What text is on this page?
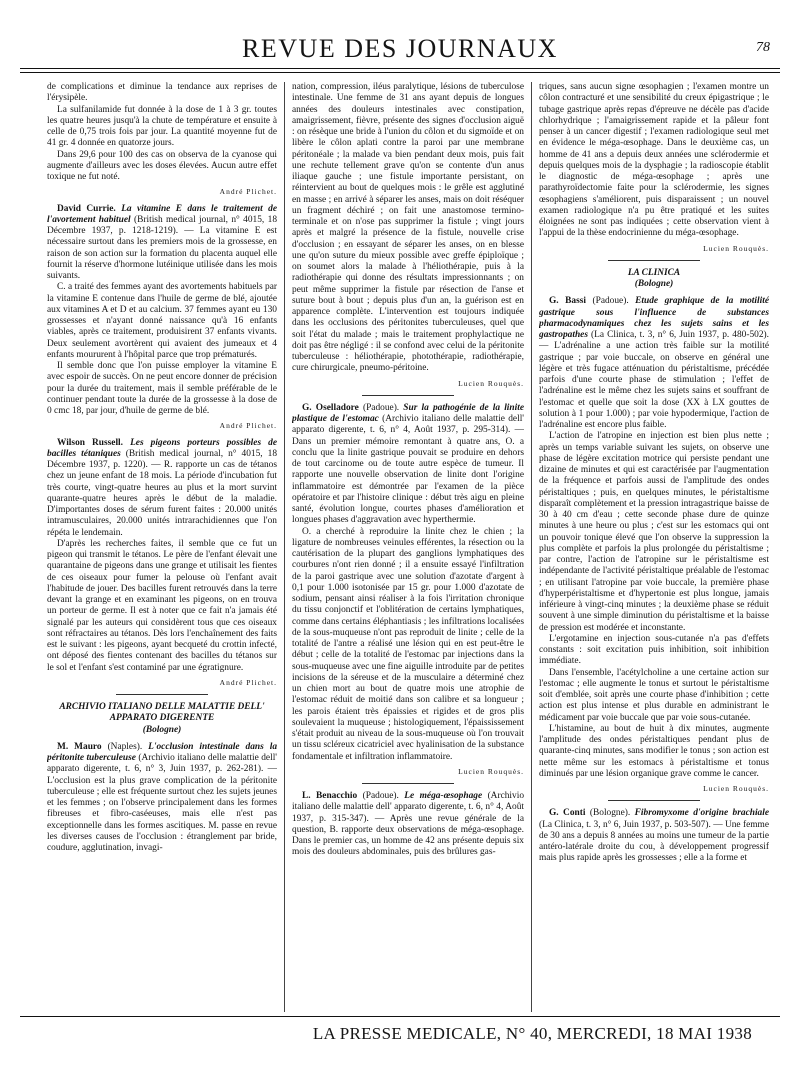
REVUE DES JOURNAUX	78

de complications et diminue la tendance aux reprises de l'érysipèle.

La sulfanilamide fut donnée à la dose de 1 à 3 gr. toutes les quatre heures jusqu'à la chute de température et ensuite à celle de 0,75 trois fois par jour. La quantité moyenne fut de 41 gr. 4 donnée en quatorze jours.

Dans 29,6 pour 100 des cas on observa de la cyanose qui augmente d'ailleurs avec les doses élevées. Aucun autre effet toxique ne fut noté.

André Plichet.

David Currie. La vitamine E dans le traitement de l'avortement habituel (British medical journal, n° 4015, 18 Décembre 1937, p. 1218-1219). — La vitamine E est nécessaire surtout dans les premiers mois de la grossesse, en raison de son action sur la formation du placenta auquel elle fournit la réserve d'hormone lutéinique utilisée dans les mois suivants.

C. a traité des femmes ayant des avortements habituels par la vitamine E contenue dans l'huile de germe de blé, ajoutée aux vitamines A et D et au calcium. 37 femmes ayant eu 130 grossesses et n'ayant donné naissance qu'à 16 enfants viables, après ce traitement, produisirent 37 enfants vivants. Deux seulement avortèrent qui avaient des jumeaux et 4 enfants moururent à l'hôpital parce que trop prématurés.

Il semble donc que l'on puisse employer la vitamine E avec espoir de succès. On ne peut encore donner de précision pour la durée du traitement, mais il semble préférable de le continuer pendant toute la durée de la grossesse à la dose de 0 cmc 18, par jour, d'huile de germe de blé.

André Plichet.

Wilson Russell. Les pigeons porteurs possibles de bacilles tétaniques (British medical journal, n° 4015, 18 Décembre 1937, p. 1220). — R. rapporte un cas de tétanos chez un jeune enfant de 18 mois. La période d'incubation fut très courte, vingt-quatre heures au plus et la mort survint quarante-quatre heures après le début de la maladie. D'importantes doses de sérum furent faites : 20.000 unités intramusculaires, 20.000 unités intrarachidiennes que l'on répéta le lendemain.

D'après les recherches faites, il semble que ce fut un pigeon qui transmit le tétanos. Le père de l'enfant élevait une quarantaine de pigeons dans une grange et utilisait les fientes de ces oiseaux pour fumer la pelouse où l'enfant avait l'habitude de jouer. Des bacilles furent retrouvés dans la terre devant la grange et en examinant les pigeons, on en trouva un porteur de germe. Il est à noter que ce fait n'a jamais été signalé par les auteurs qui considèrent tous que ces oiseaux sont réfractaires au tétanos. Dès lors l'enchaînement des faits est le suivant : les pigeons, ayant becqueté du crottin infecté, ont déposé des fientes contenant des bacilles du tétanos sur le sol et l'enfant s'est contaminé par une égratignure.

André Plichet.
ARCHIVIO ITALIANO DELLE MALATTIE DELL' APPARATO DIGERENTE
(Bologne)

M. Mauro (Naples). L'occlusion intestinale dans la péritonite tuberculeuse (Archivio italiano delle malattie dell' apparato digerente, t. 6, n° 3, Juin 1937, p. 262-281). — L'occlusion est la plus grave complication de la péritonite tuberculeuse ; elle est fréquente surtout chez les sujets jeunes et les femmes ; on l'observe principalement dans les formes fibreuses et fibro-caséeuses, mais elle n'est pas exceptionnelle dans les formes ascitiques. M. passe en revue les diverses causes de l'occlusion : étranglement par bride, coudure, agglutination, invagi-

nation, compression, iléus paralytique, lésions de tuberculose intestinale. Une femme de 31 ans ayant depuis de longues années des douleurs intestinales avec constipation, amaigrissement, fièvre, présente des signes d'occlusion aiguë : on résèque une bride à l'union du côlon et du sigmoïde et on libère le côlon aplati contre la paroi par une membrane péritonéale ; la malade va bien pendant deux mois, puis fait une rechute tellement grave qu'on se contente d'un anus iliaque gauche ; une fistule importante persistant, on réintervient au bout de quelques mois : le grêle est agglutiné en masse ; en arrivé à séparer les anses, mais on doit réséquer un fragment déchiré ; on fait une anastomose termino-terminale et on n'ose pas supprimer la fistule ; vingt jours après et malgré la présence de la fistule, nouvelle crise d'occlusion ; en essayant de séparer les anses, on en blesse une qu'on suture du mieux possible avec greffe épiploïque ; on soumet alors la malade à l'héliothérapie, puis à la radiothérapie qui donne des résultats impressionnants ; on peut même supprimer la fistule par résection de l'anse et suture bout à bout ; depuis plus d'un an, la guérison est en apparence complète. L'intervention est toujours indiquée dans les occlusions des péritonites tuberculeuses, quel que soit l'état du malade ; mais le traitement prophylactique ne doit pas être négligé : il se confond avec celui de la péritonite tuberculeuse : héliothérapie, photothérapie, radiothérapie, cure chirurgicale, pneumo-péritoine.

Lucien Rouquès.

G. Oselladore (Padoue). Sur la pathogénie de la linite plastique de l'estomac (Archivio italiano delle malattie dell' apparato digerente, t. 6, n° 4, Août 1937, p. 295-314). — Dans un premier mémoire remontant à quatre ans, O. a conclu que la linite gastrique pouvait se produire en dehors de tout carcinome ou de toute autre espèce de tumeur. Il rapporte une nouvelle observation de linite dont l'origine inflammatoire est démontrée par l'examen de la pièce opératoire et par l'histoire clinique : début très aigu en pleine santé, évolution longue, courtes phases d'amélioration et longues phases d'aggravation avec hyperthermie.

O. a cherché à reproduire la linite chez le chien ; la ligature de nombreuses veinules efférentes, la résection ou la cautérisation de la plupart des ganglions lymphatiques des courbures n'ont rien donné ; il a ensuite essayé l'infiltration de la paroi gastrique avec une solution d'azotate d'argent à 0,1 pour 1.000 isotonisée par 15 gr. pour 1.000 d'azotate de sodium, pensant ainsi réaliser à la fois l'irritation chronique du tissu conjonctif et l'oblitération de certains lymphatiques, comme dans certains éléphantiasis ; les infiltrations localisées de la sous-muqueuse n'ont pas reproduit de linite ; celle de la totalité de l'antre a réalisé une lésion qui en est peut-être le début ; celle de la totalité de l'estomac par injections dans la sous-muqueuse avec une fine aiguille introduite par de petites incisions de la séreuse et de la musculaire a déterminé chez un chien mort au bout de quatre mois une atrophie de l'estomac réduit de moitié dans son calibre et sa longueur ; les parois étaient très épaissies et rigides et de gros plis soulevaient la muqueuse ; histologiquement, l'épaississement s'était produit au niveau de la sous-muqueuse où l'on trouvait un tissu scléreux cicatriciel avec hyalinisation de la substance fondamentale et infiltration inflammatoire.

Lucien Rouquès.

L. Benacchio (Padoue). Le méga-œsophage (Archivio italiano delle malattie dell' apparato digerente, t. 6, n° 4, Août 1937, p. 315-347). — Après une revue générale de la question, B. rapporte deux observations de méga-œsophage. Dans le premier cas, un homme de 42 ans présente depuis six mois des douleurs abdominales, puis des brûlures gas-

triques, sans aucun signe œsophagien ; l'examen montre un côlon contracturé et une sensibilité du creux épigastrique ; le tubage gastrique après repas d'épreuve ne décèle pas d'acide chlorhydrique ; l'amaigrissement rapide et la pâleur font penser à un cancer digestif ; l'examen radiologique seul met en évidence le méga-œsophage. Dans le deuxième cas, un homme de 41 ans a depuis deux années une sclérodermie et depuis quelques mois de la dysphagie ; la radioscopie établit le diagnostic de méga-œsophage ; après une parathyroïdectomie faite pour la sclérodermie, les signes œsophagiens s'améliorent, puis disparaissent ; un nouvel examen radiologique n'a pu être pratiqué et les suites éloignées ne sont pas indiquées ; cette observation vient à l'appui de la thèse endocrinienne du méga-œsophage.

Lucien Rouquès.
LA CLINICA
(Bologne)

G. Bassi (Padoue). Etude graphique de la motilité gastrique sous l'influence de substances pharmacodynamiques chez les sujets sains et les gastropathes (La Clinica, t. 3, n° 6, Juin 1937, p. 480-502). — L'adrénaline a une action très faible sur la motilité gastrique ; par voie buccale, on observe en général une légère et très fugace atténuation du péristaltisme, précédée parfois d'une courte phase de stimulation ; l'effet de l'adrénaline est le même chez les sujets sains et souffrant de l'estomac et quelle que soit la dose (XX à LX gouttes de solution à 1 pour 1.000) ; par voie hypodermique, l'action de l'adrénaline est encore plus faible.

L'action de l'atropine en injection est bien plus nette ; après un temps variable suivant les sujets, on observe une phase de légère excitation motrice qui persiste pendant une dizaine de minutes et qui est caractérisée par l'augmentation de la fréquence et parfois aussi de l'amplitude des ondes péristaltiques ; puis, en quelques minutes, le péristaltisme disparaît complètement et la pression intragastrique baisse de 30 à 40 cm d'eau ; cette seconde phase dure de quinze minutes à une heure ou plus ; c'est sur les estomacs qui ont un pouvoir tonique élevé que l'on observe la suppression la plus complète et parfois la plus prolongée du péristaltisme ; par contre, l'action de l'atropine sur le péristaltisme est indépendante de l'activité péristaltique préalable de l'estomac ; en utilisant l'atropine par voie buccale, la première phase d'hyperpéristaltisme et d'hypertonie est plus longue, jamais inférieure à vingt-cinq minutes ; la deuxième phase se réduit souvent à une simple diminution du péristaltisme et la baisse de pression est modérée et inconstante.

L'ergotamine en injection sous-cutanée n'a pas d'effets constants : soit excitation puis inhibition, soit inhibition immédiate.

Dans l'ensemble, l'acétylcholine a une certaine action sur l'estomac ; elle augmente le tonus et surtout le péristaltisme soit d'emblée, soit après une courte phase d'inhibition ; cette action est plus intense et plus durable en administrant le médicament par voie buccale que par voie sous-cutanée.

L'histamine, au bout de huit à dix minutes, augmente l'amplitude des ondes péristaltiques pendant plus de quarante-cinq minutes, sans modifier le tonus ; son action est nette même sur les estomacs à péristaltisme et tonus diminués par une lésion organique grave comme le cancer.

Lucien Rouquès.

G. Conti (Bologne). Fibromyxome d'origine brachiale (La Clinica, t. 3, n° 6, Juin 1937, p. 503-507). — Une femme de 30 ans a depuis 8 années au moins une tumeur de la partie antéro-latérale droite du cou, à développement progressif mais plus rapide après les grossesses ; elle a la forme et

LA PRESSE MEDICALE, N° 40, MERCREDI, 18 MAI 1938
